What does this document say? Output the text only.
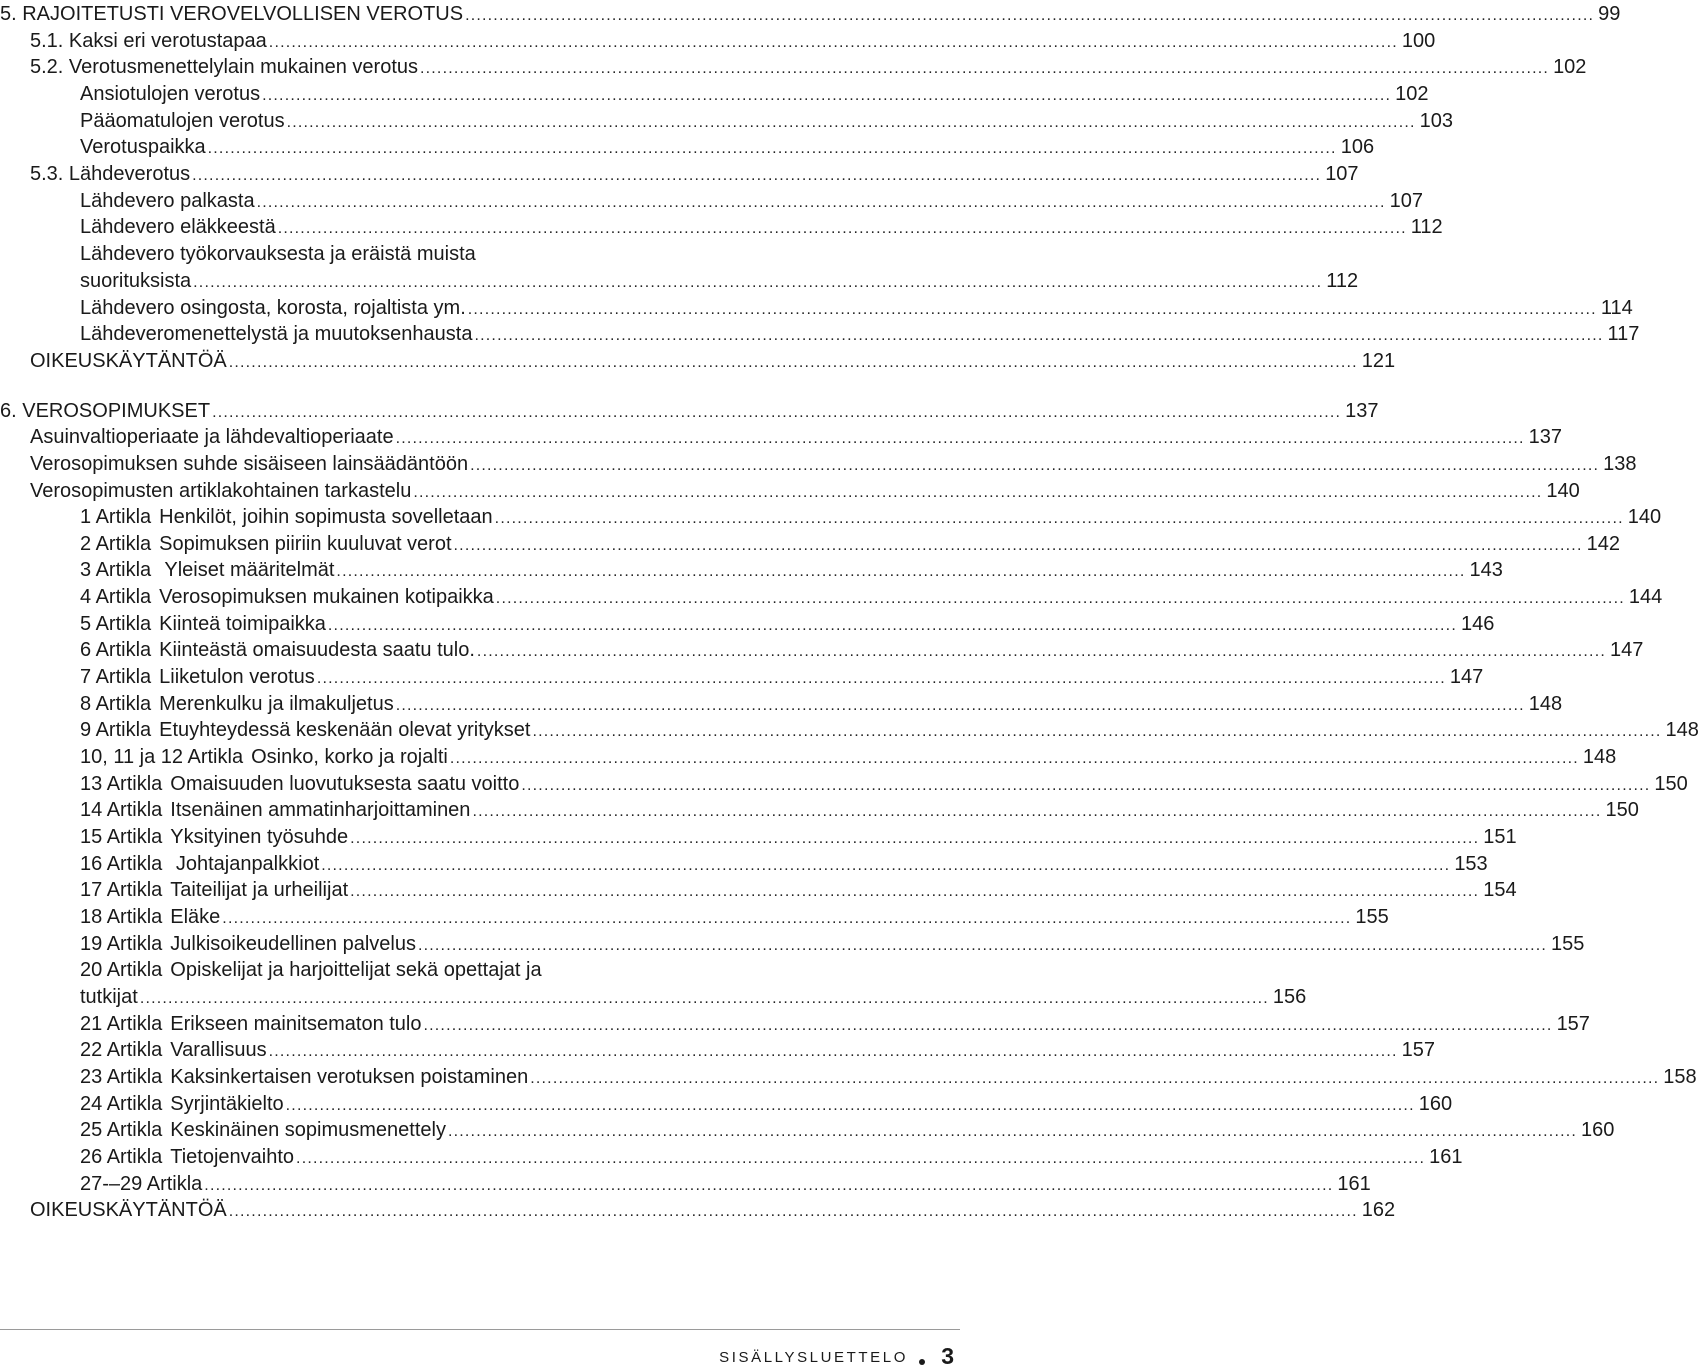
5. RAJOITETUSTI VEROVELVOLLISEN VEROTUS ........................................................................................................................................................................................................ 99
5.1. Kaksi eri verotustapaa ........................................................................................................................................................................................................ 100
5.2. Verotusmenettelylain mukainen verotus ........................................................................................................................................................................................................ 102
Ansiotulojen verotus ........................................................................................................................................................................................................ 102
Pääomatulojen verotus ........................................................................................................................................................................................................ 103
Verotuspaikka ........................................................................................................................................................................................................ 106
5.3. Lähdeverotus ........................................................................................................................................................................................................ 107
Lähdevero palkasta ........................................................................................................................................................................................................ 107
Lähdevero eläkkeestä ........................................................................................................................................................................................................ 112
Lähdevero työkorvauksesta ja eräistä muista
suorituksista ........................................................................................................................................................................................................ 112
Lähdevero osingosta, korosta, rojaltista ym. ........................................................................................................................................................................................................ 114
Lähdeveromenettelystä ja muutoksenhausta ........................................................................................................................................................................................................ 117
OIKEUSKÄYTÄNTÖÄ ........................................................................................................................................................................................................ 121
6. VEROSOPIMUKSET ........................................................................................................................................................................................................ 137
Asuinvaltioperiaate ja lähdevaltioperiaate ........................................................................................................................................................................................................ 137
Verosopimuksen suhde sisäiseen lainsäädäntöön ........................................................................................................................................................................................................ 138
Verosopimusten artiklakohtainen tarkastelu ........................................................................................................................................................................................................ 140
1 Artikla Henkilöt, joihin sopimusta sovelletaan ........................................................................................................................................................................................................ 140
2 Artikla Sopimuksen piiriin kuuluvat verot ........................................................................................................................................................................................................ 142
3 Artikla Yleiset määritelmät ........................................................................................................................................................................................................ 143
4 Artikla Verosopimuksen mukainen kotipaikka ........................................................................................................................................................................................................ 144
5 Artikla Kiinteä toimipaikka ........................................................................................................................................................................................................ 146
6 Artikla Kiinteästä omaisuudesta saatu tulo. ........................................................................................................................................................................................................ 147
7 Artikla Liiketulon verotus ........................................................................................................................................................................................................ 147
8 Artikla Merenkulku ja ilmakuljetus ........................................................................................................................................................................................................ 148
9 Artikla Etuyhteydessä keskenään olevat yritykset ........................................................................................................................................................................................................ 148
10, 11 ja 12 Artikla Osinko, korko ja rojalti ........................................................................................................................................................................................................ 148
13 Artikla Omaisuuden luovutuksesta saatu voitto ........................................................................................................................................................................................................ 150
14 Artikla Itsenäinen ammatinharjoittaminen ........................................................................................................................................................................................................ 150
15 Artikla Yksityinen työsuhde ........................................................................................................................................................................................................ 151
16 Artikla Johtajanpalkkiot ........................................................................................................................................................................................................ 153
17 Artikla Taiteilijat ja urheilijat ........................................................................................................................................................................................................ 154
18 Artikla Eläke ........................................................................................................................................................................................................ 155
19 Artikla Julkisoikeudellinen palvelus ........................................................................................................................................................................................................ 155
20 Artikla Opiskelijat ja harjoittelijat sekä opettajat ja
tutkijat ........................................................................................................................................................................................................ 156
21 Artikla Erikseen mainitsematon tulo ........................................................................................................................................................................................................ 157
22 Artikla Varallisuus ........................................................................................................................................................................................................ 157
23 Artikla Kaksinkertaisen verotuksen poistaminen ........................................................................................................................................................................................................ 158
24 Artikla Syrjintäkielto ........................................................................................................................................................................................................ 160
25 Artikla Keskinäinen sopimusmenettely ........................................................................................................................................................................................................ 160
26 Artikla Tietojenvaihto ........................................................................................................................................................................................................ 161
27-–29 Artikla ........................................................................................................................................................................................................ 161
OIKEUSKÄYTÄNTÖÄ ........................................................................................................................................................................................................ 162
SISÄLLYSLUETTELO 3
